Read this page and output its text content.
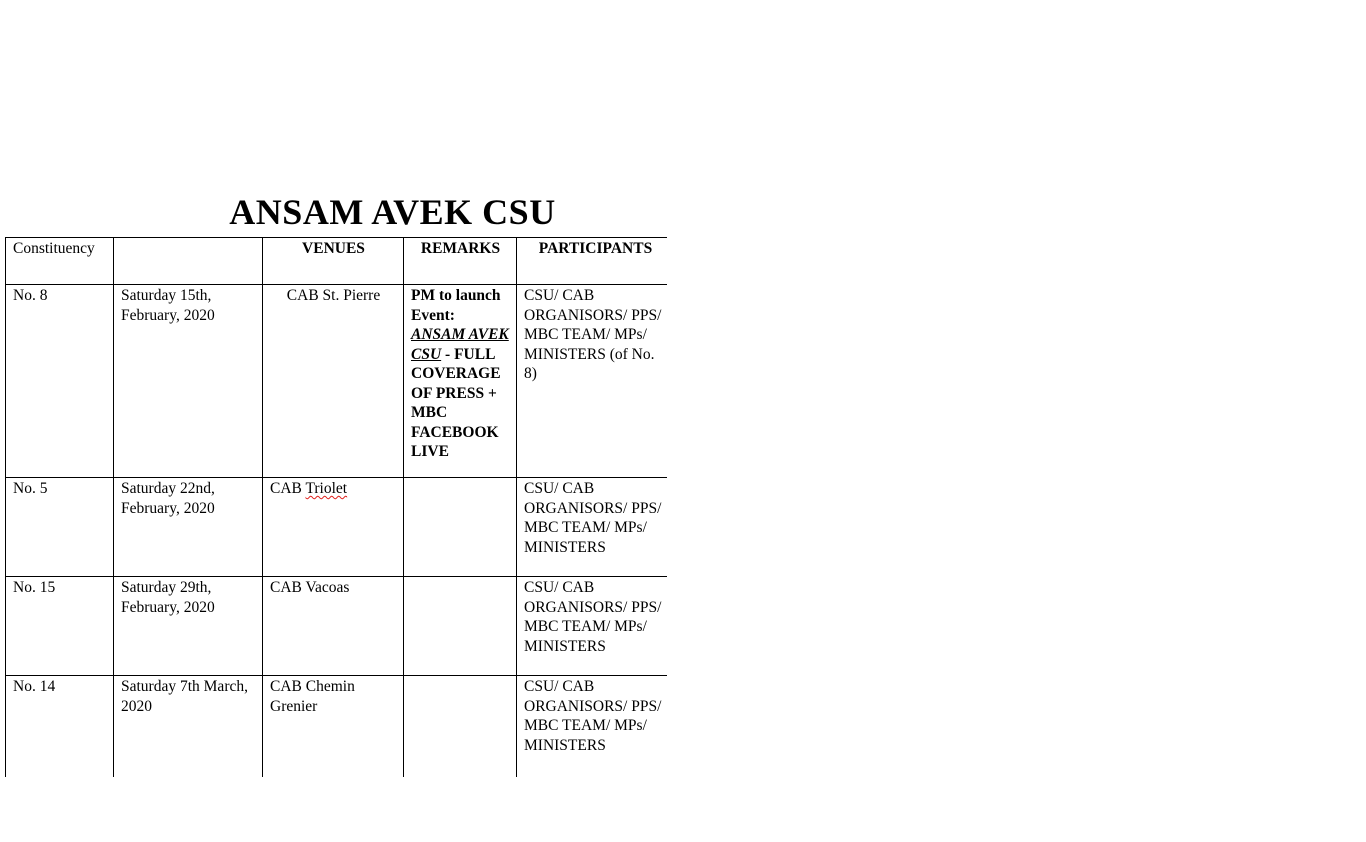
ANSAM AVEK CSU
Constituency		VENUES	REMARKS	PARTICIPANTS
No. 8	Saturday 15th, February, 2020	CAB St. Pierre	PM to launch Event: ANSAM AVEK CSU - FULL COVERAGE OF PRESS + MBC FACEBOOK LIVE	CSU/ CAB ORGANISORS/ PPS/ MBC TEAM/ MPs/ MINISTERS (of No. 8)
No. 5	Saturday 22nd, February, 2020	CAB Triolet		CSU/ CAB ORGANISORS/ PPS/ MBC TEAM/ MPs/ MINISTERS
No. 15	Saturday 29th, February, 2020	CAB Vacoas		CSU/ CAB ORGANISORS/ PPS/ MBC TEAM/ MPs/ MINISTERS
No. 14	Saturday 7th March, 2020	CAB Chemin Grenier		CSU/ CAB ORGANISORS/ PPS/ MBC TEAM/ MPs/ MINISTERS
